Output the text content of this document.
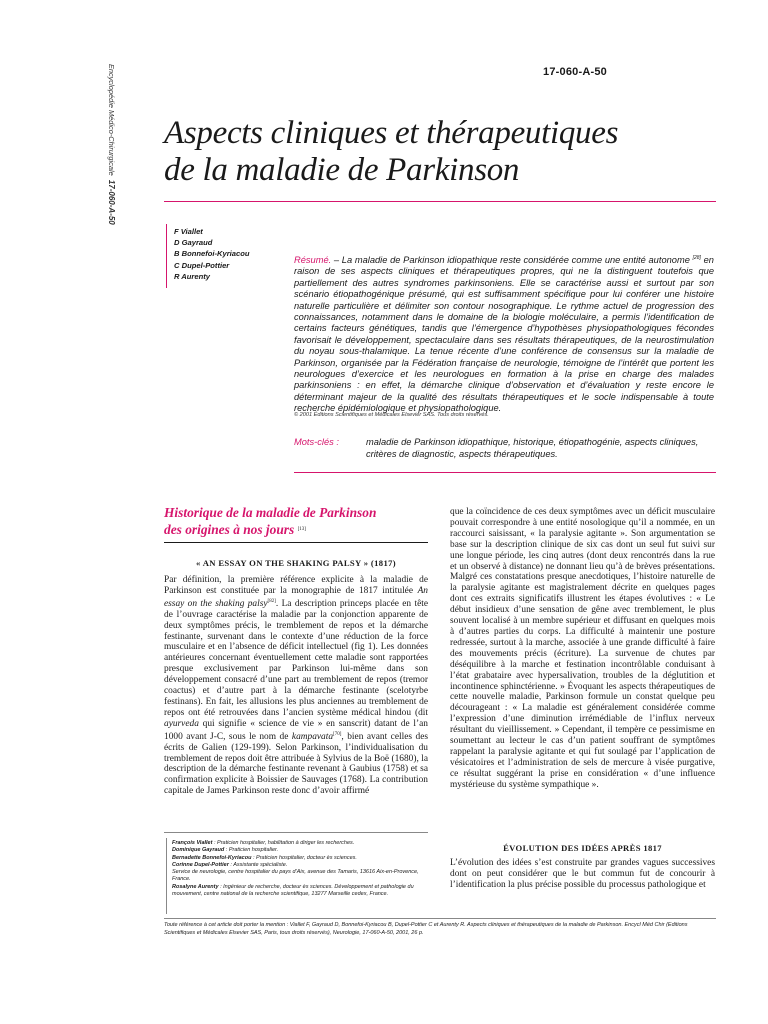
Encyclopédie Médico-Chirurgicale  17-060-A-50
17-060-A-50
Aspects cliniques et thérapeutiques
de la maladie de Parkinson
F Viallet
D Gayraud
B Bonnefoi-Kyriacou
C Dupel-Pottier
R Aurenty

Résumé. – La maladie de Parkinson idiopathique reste considérée comme une entité autonome [28] en raison de ses aspects cliniques et thérapeutiques propres, qui ne la distinguent toutefois que partiellement des autres syndromes parkinsoniens. Elle se caractérise aussi et surtout par son scénario étiopathogénique présumé, qui est suffisamment spécifique pour lui conférer une histoire naturelle particulière et délimiter son contour nosographique. Le rythme actuel de progression des connaissances, notamment dans le domaine de la biologie moléculaire, a permis l’identification de certains facteurs génétiques, tandis que l’émergence d’hypothèses physiopathologiques fécondes favorisait le développement, spectaculaire dans ses résultats thérapeutiques, de la neurostimulation du noyau sous-thalamique. La tenue récente d’une conférence de consensus sur la maladie de Parkinson, organisée par la Fédération française de neurologie, témoigne de l’intérêt que portent les neurologues d’exercice et les neurologues en formation à la prise en charge des malades parkinsoniens : en effet, la démarche clinique d’observation et d’évaluation y reste encore le déterminant majeur de la qualité des résultats thérapeutiques et le socle indispensable à toute recherche épidémiologique et physiopathologique.

© 2001 Éditions Scientifiques et Médicales Elsevier SAS. Tous droits réservés.
Mots-clés :	maladie de Parkinson idiopathique, historique, étiopathogénie, aspects cliniques, critères de diagnostic, aspects thérapeutiques.
Historique de la maladie de Parkinson
des origines à nos jours [13]
« AN ESSAY ON THE SHAKING PALSY » (1817)

Par définition, la première référence explicite à la maladie de Parkinson est constituée par la monographie de 1817 intitulée An essay on the shaking palsy[82]. La description princeps placée en tête de l’ouvrage caractérise la maladie par la conjonction apparente de deux symptômes précis, le tremblement de repos et la démarche festinante, survenant dans le contexte d’une réduction de la force musculaire et en l’absence de déficit intellectuel (fig 1). Les données antérieures concernant éventuellement cette maladie sont rapportées presque exclusivement par Parkinson lui-même dans son développement consacré d’une part au tremblement de repos (tremor coactus) et d’autre part à la démarche festinante (scelotyrbe festinans). En fait, les allusions les plus anciennes au tremblement de repos ont été retrouvées dans l’ancien système médical hindou (dit ayurveda qui signifie « science de vie » en sanscrit) datant de l’an 1000 avant J-C, sous le nom de kampavata[70], bien avant celles des écrits de Galien (129-199). Selon Parkinson, l’individualisation du tremblement de repos doit être attribuée à Sylvius de la Boë (1680), la description de la démarche festinante revenant à Gaubius (1758) et sa confirmation explicite à Boissier de Sauvages (1768). La contribution capitale de James Parkinson reste donc d’avoir affirmé

que la coïncidence de ces deux symptômes avec un déficit musculaire pouvait correspondre à une entité nosologique qu’il a nommée, en un raccourci saisissant, « la paralysie agitante ». Son argumentation se base sur la description clinique de six cas dont un seul fut suivi sur une longue période, les cinq autres (dont deux rencontrés dans la rue et un observé à distance) ne donnant lieu qu’à de brèves présentations. Malgré ces constatations presque anecdotiques, l’histoire naturelle de la paralysie agitante est magistralement décrite en quelques pages dont ces extraits significatifs illustrent les étapes évolutives : « Le début insidieux d’une sensation de gêne avec tremblement, le plus souvent localisé à un membre supérieur et diffusant en quelques mois à d’autres parties du corps. La difficulté à maintenir une posture redressée, surtout à la marche, associée à une grande difficulté à faire des mouvements précis (écriture). La survenue de chutes par déséquilibre à la marche et festination incontrôlable conduisant à l’état grabataire avec hypersalivation, troubles de la déglutition et incontinence sphinctérienne. » Évoquant les aspects thérapeutiques de cette nouvelle maladie, Parkinson formule un constat quelque peu décourageant : « La maladie est généralement considérée comme l’expression d’une diminution irrémédiable de l’influx nerveux résultant du vieillissement. » Cependant, il tempère ce pessimisme en soumettant au lecteur le cas d’un patient souffrant de symptômes rappelant la paralysie agitante et qui fut soulagé par l’application de vésicatoires et l’administration de sels de mercure à visée purgative, ce résultat suggérant la prise en considération « d’une influence mystérieuse du système sympathique ».

ÉVOLUTION DES IDÉES APRÈS 1817

L’évolution des idées s’est construite par grandes vagues successives dont on peut considérer que le but commun fut de concourir à l’identification la plus précise possible du processus pathologique et

François Viallet : Praticien hospitalier, habilitation à diriger les recherches.

Dominique Gayraud : Praticien hospitalier.

Bernadette Bonnefoi-Kyriacou : Praticien hospitalier, docteur ès sciences.

Corinne Dupel-Pottier : Assistante spécialiste.

Service de neurologie, centre hospitalier du pays d’Aix, avenue des Tamaris, 13616 Aix-en-Provence, France.

Rosalyne Aurenty : Ingénieur de recherche, docteur ès sciences. Développement et pathologie du mouvement, centre national de la recherche scientifique, 13277 Marseille cedex, France.

Toute référence à cet article doit porter la mention : Viallet F, Gayraud D, Bonnefoi-Kyriacou B, Dupel-Pottier C et Aurenty R. Aspects cliniques et thérapeutiques de la maladie de Parkinson. Encycl Méd Chir (Editions Scientifiques et Médicales Elsevier SAS, Paris, tous droits réservés), Neurologie, 17-060-A-50, 2001, 26 p.
